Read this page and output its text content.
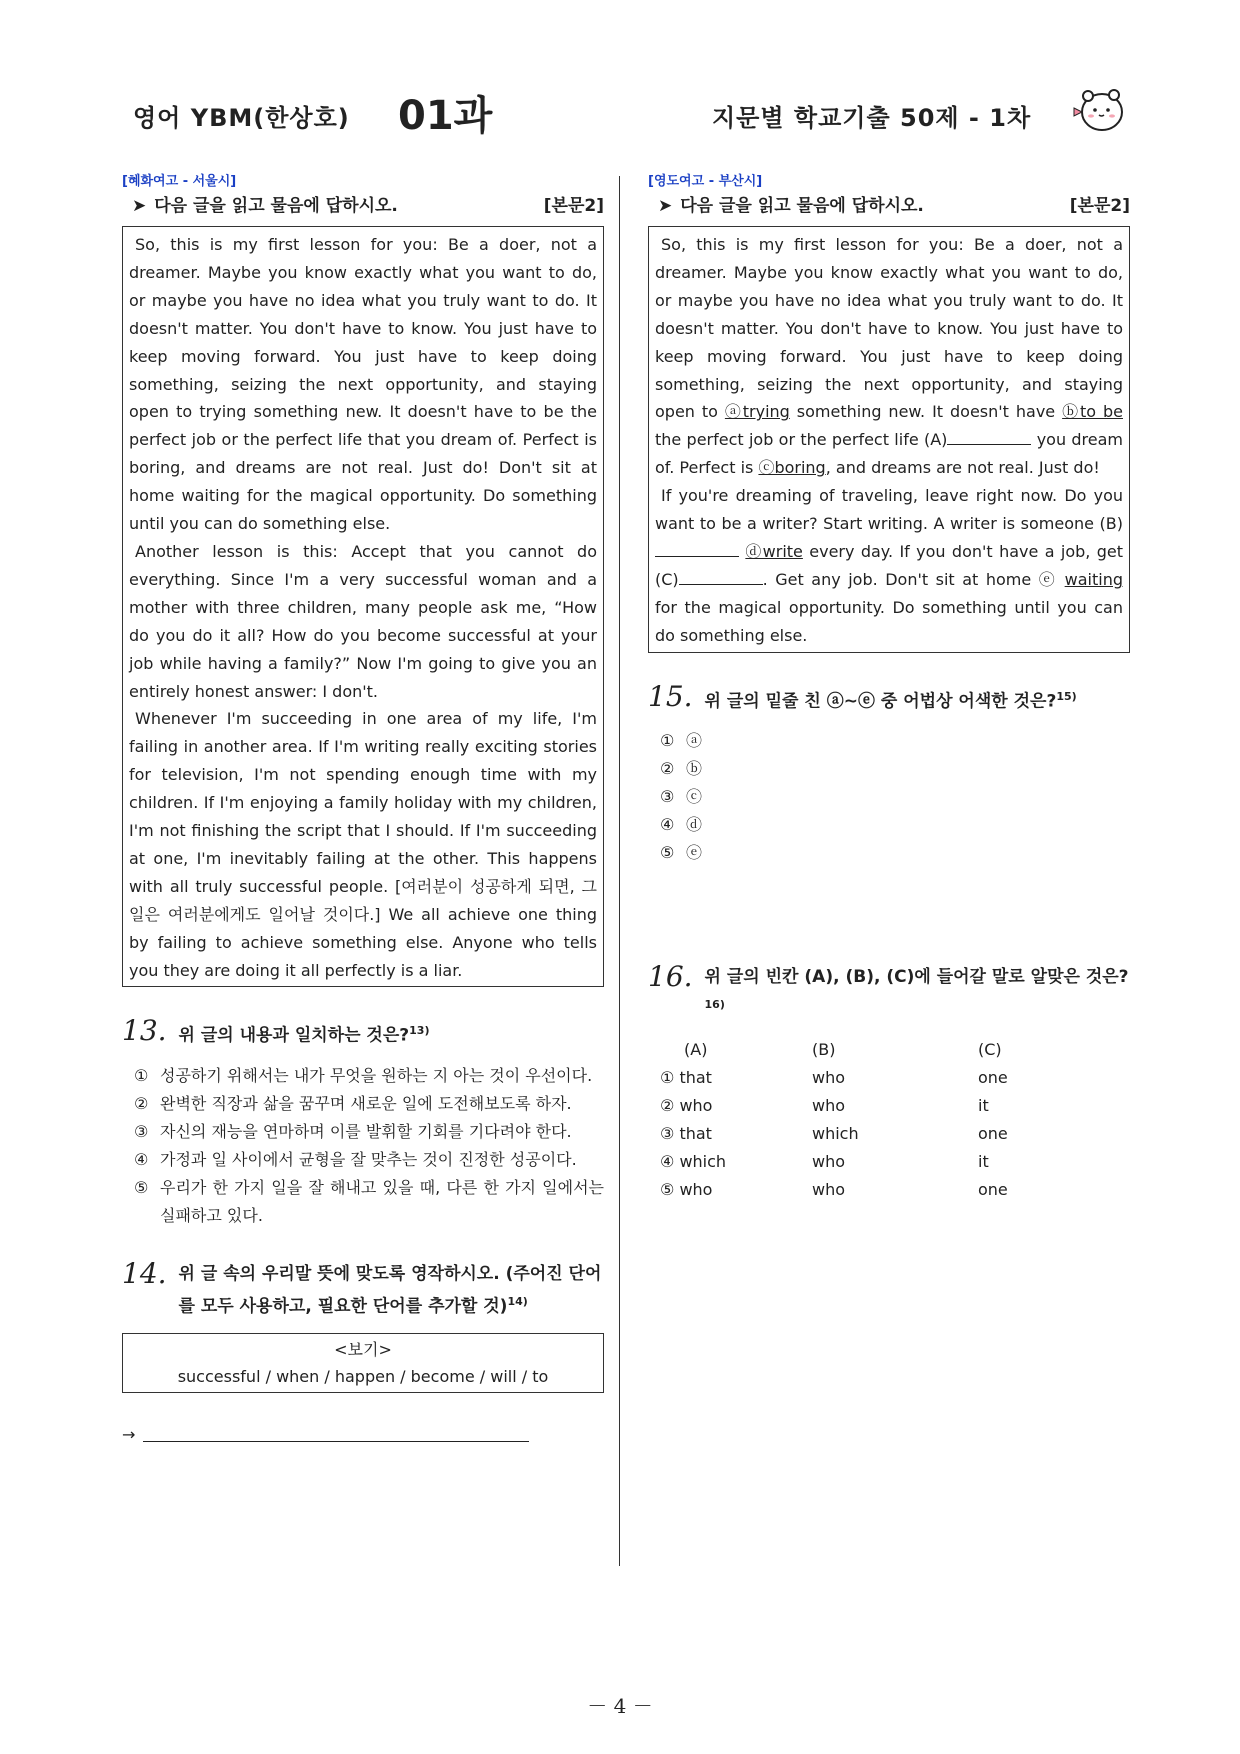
영어 YBM(한상호) 01과	지문별 학교기출 50제 - 1차
[혜화여고 - 서울시]
➤ 다음 글을 읽고 물음에 답하시오.	[본문2]

So, this is my first lesson for you: Be a doer, not a dreamer. Maybe you know exactly what you want to do, or maybe you have no idea what you truly want to do. It doesn't matter. You don't have to know. You just have to keep moving forward. You just have to keep doing something, seizing the next opportunity, and staying open to trying something new. It doesn't have to be the perfect job or the perfect life that you dream of. Perfect is boring, and dreams are not real. Just do! Don't sit at home waiting for the magical opportunity. Do something until you can do something else.

Another lesson is this: Accept that you cannot do everything. Since I'm a very successful woman and a mother with three children, many people ask me, “How do you do it all? How do you become successful at your job while having a family?” Now I'm going to give you an entirely honest answer: I don't.

Whenever I'm succeeding in one area of my life, I'm failing in another area. If I'm writing really exciting stories for television, I'm not spending enough time with my children. If I'm enjoying a family holiday with my children, I'm not finishing the script that I should. If I'm succeeding at one, I'm inevitably failing at the other. This happens with all truly successful people. [여러분이 성공하게 되면, 그 일은 여러분에게도 일어날 것이다.] We all achieve one thing by failing to achieve something else. Anyone who tells you they are doing it all perfectly is a liar.

13. 위 글의 내용과 일치하는 것은?$^{13)}$
① 성공하기 위해서는 내가 무엇을 원하는 지 아는 것이 우선이다.
② 완벽한 직장과 삶을 꿈꾸며 새로운 일에 도전해보도록 하자.
③ 자신의 재능을 연마하며 이를 발휘할 기회를 기다려야 한다.
④ 가정과 일 사이에서 균형을 잘 맞추는 것이 진정한 성공이다.
⑤ 우리가 한 가지 일을 잘 해내고 있을 때, 다른 한 가지 일에서는 실패하고 있다.
14. 위 글 속의 우리말 뜻에 맞도록 영작하시오. (주어진 단어를 모두 사용하고, 필요한 단어를 추가할 것)$^{14)}$
<보기>
successful / when / happen / become / will / to
→
[영도여고 - 부산시]
➤ 다음 글을 읽고 물음에 답하시오.	[본문2]

So, this is my first lesson for you: Be a doer, not a dreamer. Maybe you know exactly what you want to do, or maybe you have no idea what you truly want to do. It doesn't matter. You don't have to know. You just have to keep moving forward. You just have to keep doing something, seizing the next opportunity, and staying open to ⓐtrying something new. It doesn't have ⓑto be the perfect job or the perfect life (A)	you dream of. Perfect is ⓒboring, and dreams are not real. Just do!

If you're dreaming of traveling, leave right now. Do you want to be a writer? Start writing. A writer is someone (B) ⓓwrite every day. If you don't have a job, get (C)	. Get any job. Don't sit at home ⓔ waiting for the magical opportunity. Do something until you can do something else.

15. 위 글의 밑줄 친 ⓐ~ⓔ 중 어법상 어색한 것은?$^{15)}$
① ⓐ
② ⓑ
③ ⓒ
④ ⓓ
⑤ ⓔ
16. 위 글의 빈칸 (A), (B), (C)에 들어갈 말로 알맞은 것은?$^{16)}$
(A)	(B)	(C)
① that	who	one
② who	who	it
③ that	which	one
④ which	who	it
⑤ who	who	one
－ 4 －
